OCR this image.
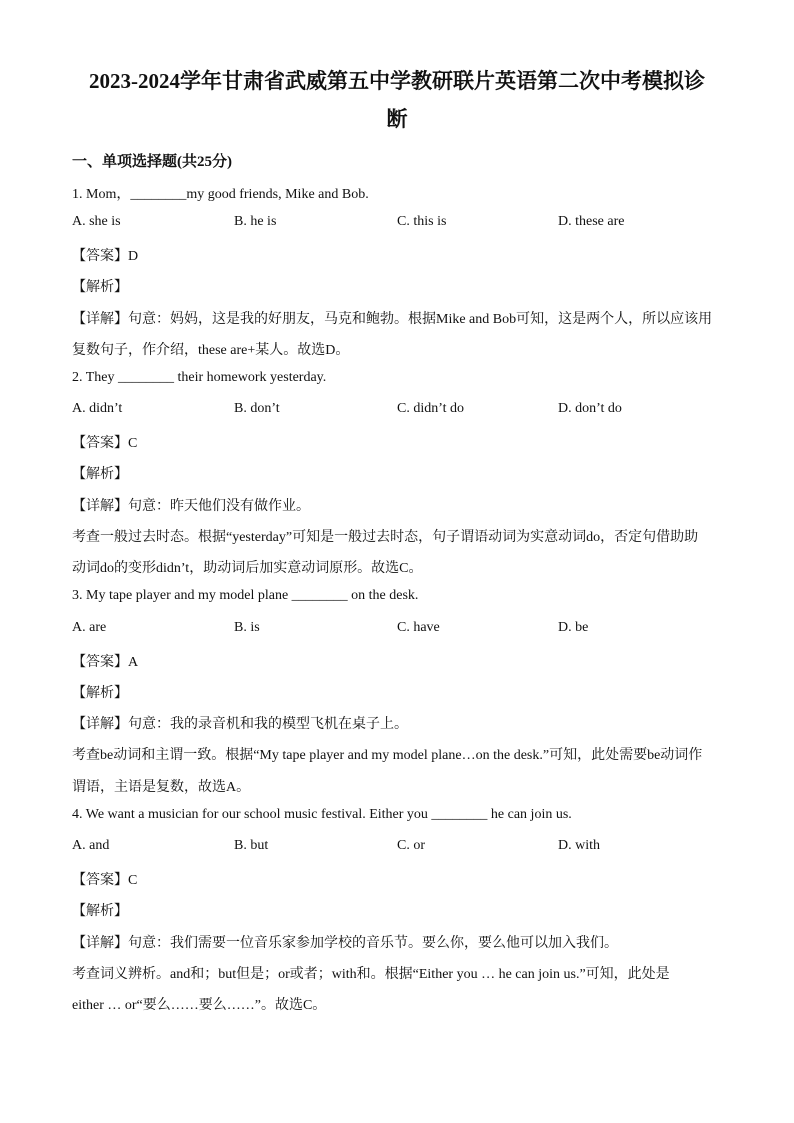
2023-2024学年甘肃省武威第五中学教研联片英语第二次中考模拟诊
断
一、单项选择题(共25分)
1. Mom，________my good friends, Mike and Bob.
A. she is	B. he is	C. this is	D. these are
【答案】D
【解析】
【详解】句意：妈妈，这是我的好朋友，马克和鲍勃。根据Mike and Bob可知，这是两个人，所以应该用
复数句子，作介绍，these are+某人。故选D。
2. They ________ their homework yesterday.
A. didn’t	B. don’t	C. didn’t do	D. don’t do
【答案】C
【解析】
【详解】句意：昨天他们没有做作业。
考查一般过去时态。根据“yesterday”可知是一般过去时态，句子谓语动词为实意动词do，否定句借助助
动词do的变形didn’t，助动词后加实意动词原形。故选C。
3. My tape player and my model plane ________ on the desk.
A. are	B. is	C. have	D. be
【答案】A
【解析】
【详解】句意：我的录音机和我的模型飞机在桌子上。
考查be动词和主谓一致。根据“My tape player and my model plane…on the desk.”可知，此处需要be动词作
谓语，主语是复数，故选A。
4. We want a musician for our school music festival. Either you ________ he can join us.
A. and	B. but	C. or	D. with
【答案】C
【解析】
【详解】句意：我们需要一位音乐家参加学校的音乐节。要么你，要么他可以加入我们。
考查词义辨析。and和；but但是；or或者；with和。根据“Either you … he can join us.”可知，此处是
either … or“要么……要么……”。故选C。
